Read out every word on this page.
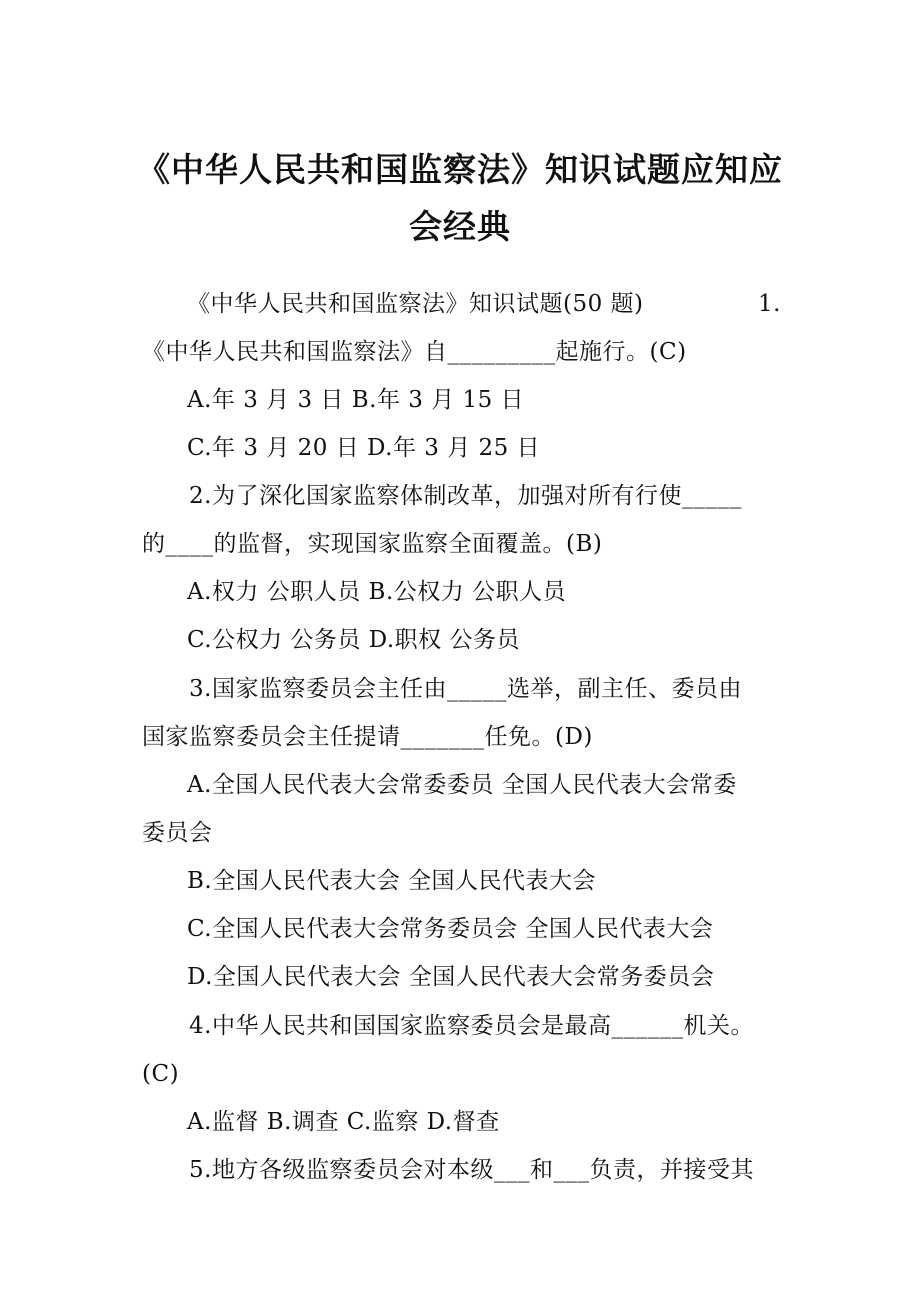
《中华人民共和国监察法》知识试题应知应
会经典
《中华人民共和国监察法》知识试题(50 题)	1.
《中华人民共和国监察法》自_________起施行。(C)
A.年 3 月 3 日 B.年 3 月 15 日
C.年 3 月 20 日 D.年 3 月 25 日
2.为了深化国家监察体制改革，加强对所有行使_____
的____的监督，实现国家监察全面覆盖。(B)
A.权力 公职人员 B.公权力 公职人员
C.公权力 公务员 D.职权 公务员
3.国家监察委员会主任由_____选举，副主任、委员由
国家监察委员会主任提请_______任免。(D)
A.全国人民代表大会常委委员 全国人民代表大会常委
委员会
B.全国人民代表大会 全国人民代表大会
C.全国人民代表大会常务委员会 全国人民代表大会
D.全国人民代表大会 全国人民代表大会常务委员会
4.中华人民共和国国家监察委员会是最高______机关。
(C)
A.监督 B.调查 C.监察 D.督查
5.地方各级监察委员会对本级___和___负责，并接受其
